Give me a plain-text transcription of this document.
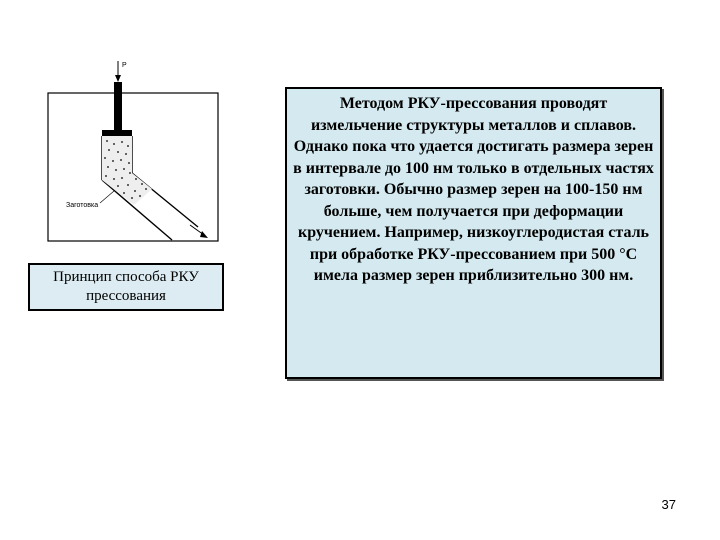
P
Заготовка
Принцип способа РКУ прессования
Методом РКУ-прессования проводят измельчение структуры металлов и сплавов. Однако пока что удается достигать размера зерен в интервале до 100 нм только в отдельных частях заготовки. Обычно размер зерен на 100-150 нм больше, чем получается при деформации кручением. Например, низкоуглеродистая сталь при обработке РКУ-прессованием при 500 °С имела размер зерен приблизительно 300 нм.
37
